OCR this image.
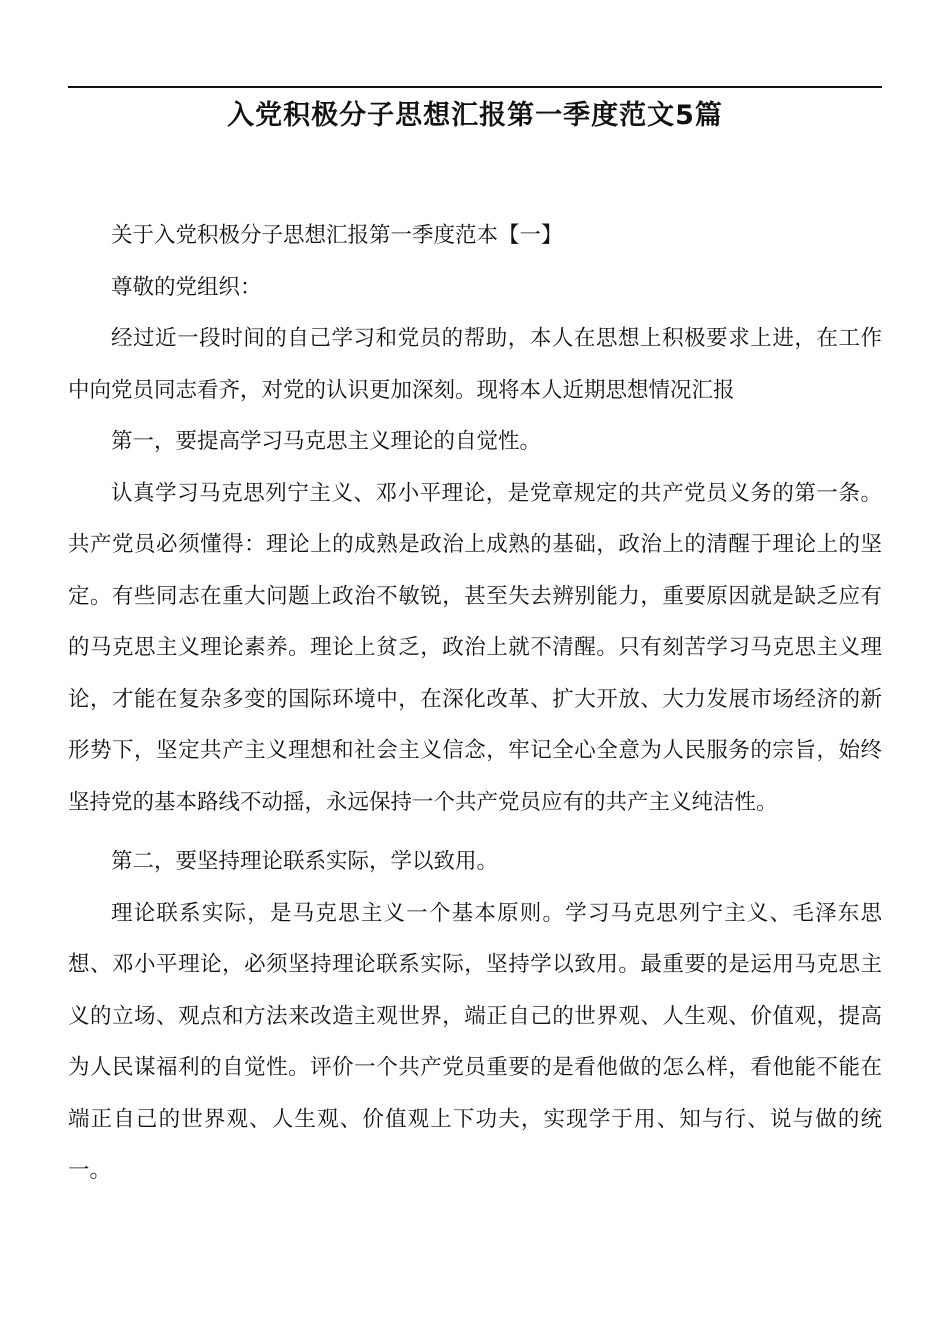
入党积极分子思想汇报第一季度范文5篇

关于入党积极分子思想汇报第一季度范本【一】

尊敬的党组织：

经过近一段时间的自己学习和党员的帮助，本人在思想上积极要求上进，在工作中向党员同志看齐，对党的认识更加深刻。现将本人近期思想情况汇报

第一，要提高学习马克思主义理论的自觉性。

认真学习马克思列宁主义、邓小平理论，是党章规定的共产党员义务的第一条。共产党员必须懂得：理论上的成熟是政治上成熟的基础，政治上的清醒于理论上的坚定。有些同志在重大问题上政治不敏锐，甚至失去辨别能力，重要原因就是缺乏应有的马克思主义理论素养。理论上贫乏，政治上就不清醒。只有刻苦学习马克思主义理论，才能在复杂多变的国际环境中，在深化改革、扩大开放、大力发展市场经济的新形势下，坚定共产主义理想和社会主义信念，牢记全心全意为人民服务的宗旨，始终坚持党的基本路线不动摇，永远保持一个共产党员应有的共产主义纯洁性。

第二，要坚持理论联系实际，学以致用。

理论联系实际，是马克思主义一个基本原则。学习马克思列宁主义、毛泽东思想、邓小平理论，必须坚持理论联系实际，坚持学以致用。最重要的是运用马克思主义的立场、观点和方法来改造主观世界，端正自己的世界观、人生观、价值观，提高为人民谋福利的自觉性。评价一个共产党员重要的是看他做的怎么样，看他能不能在端正自己的世界观、人生观、价值观上下功夫，实现学于用、知与行、说与做的统一。
